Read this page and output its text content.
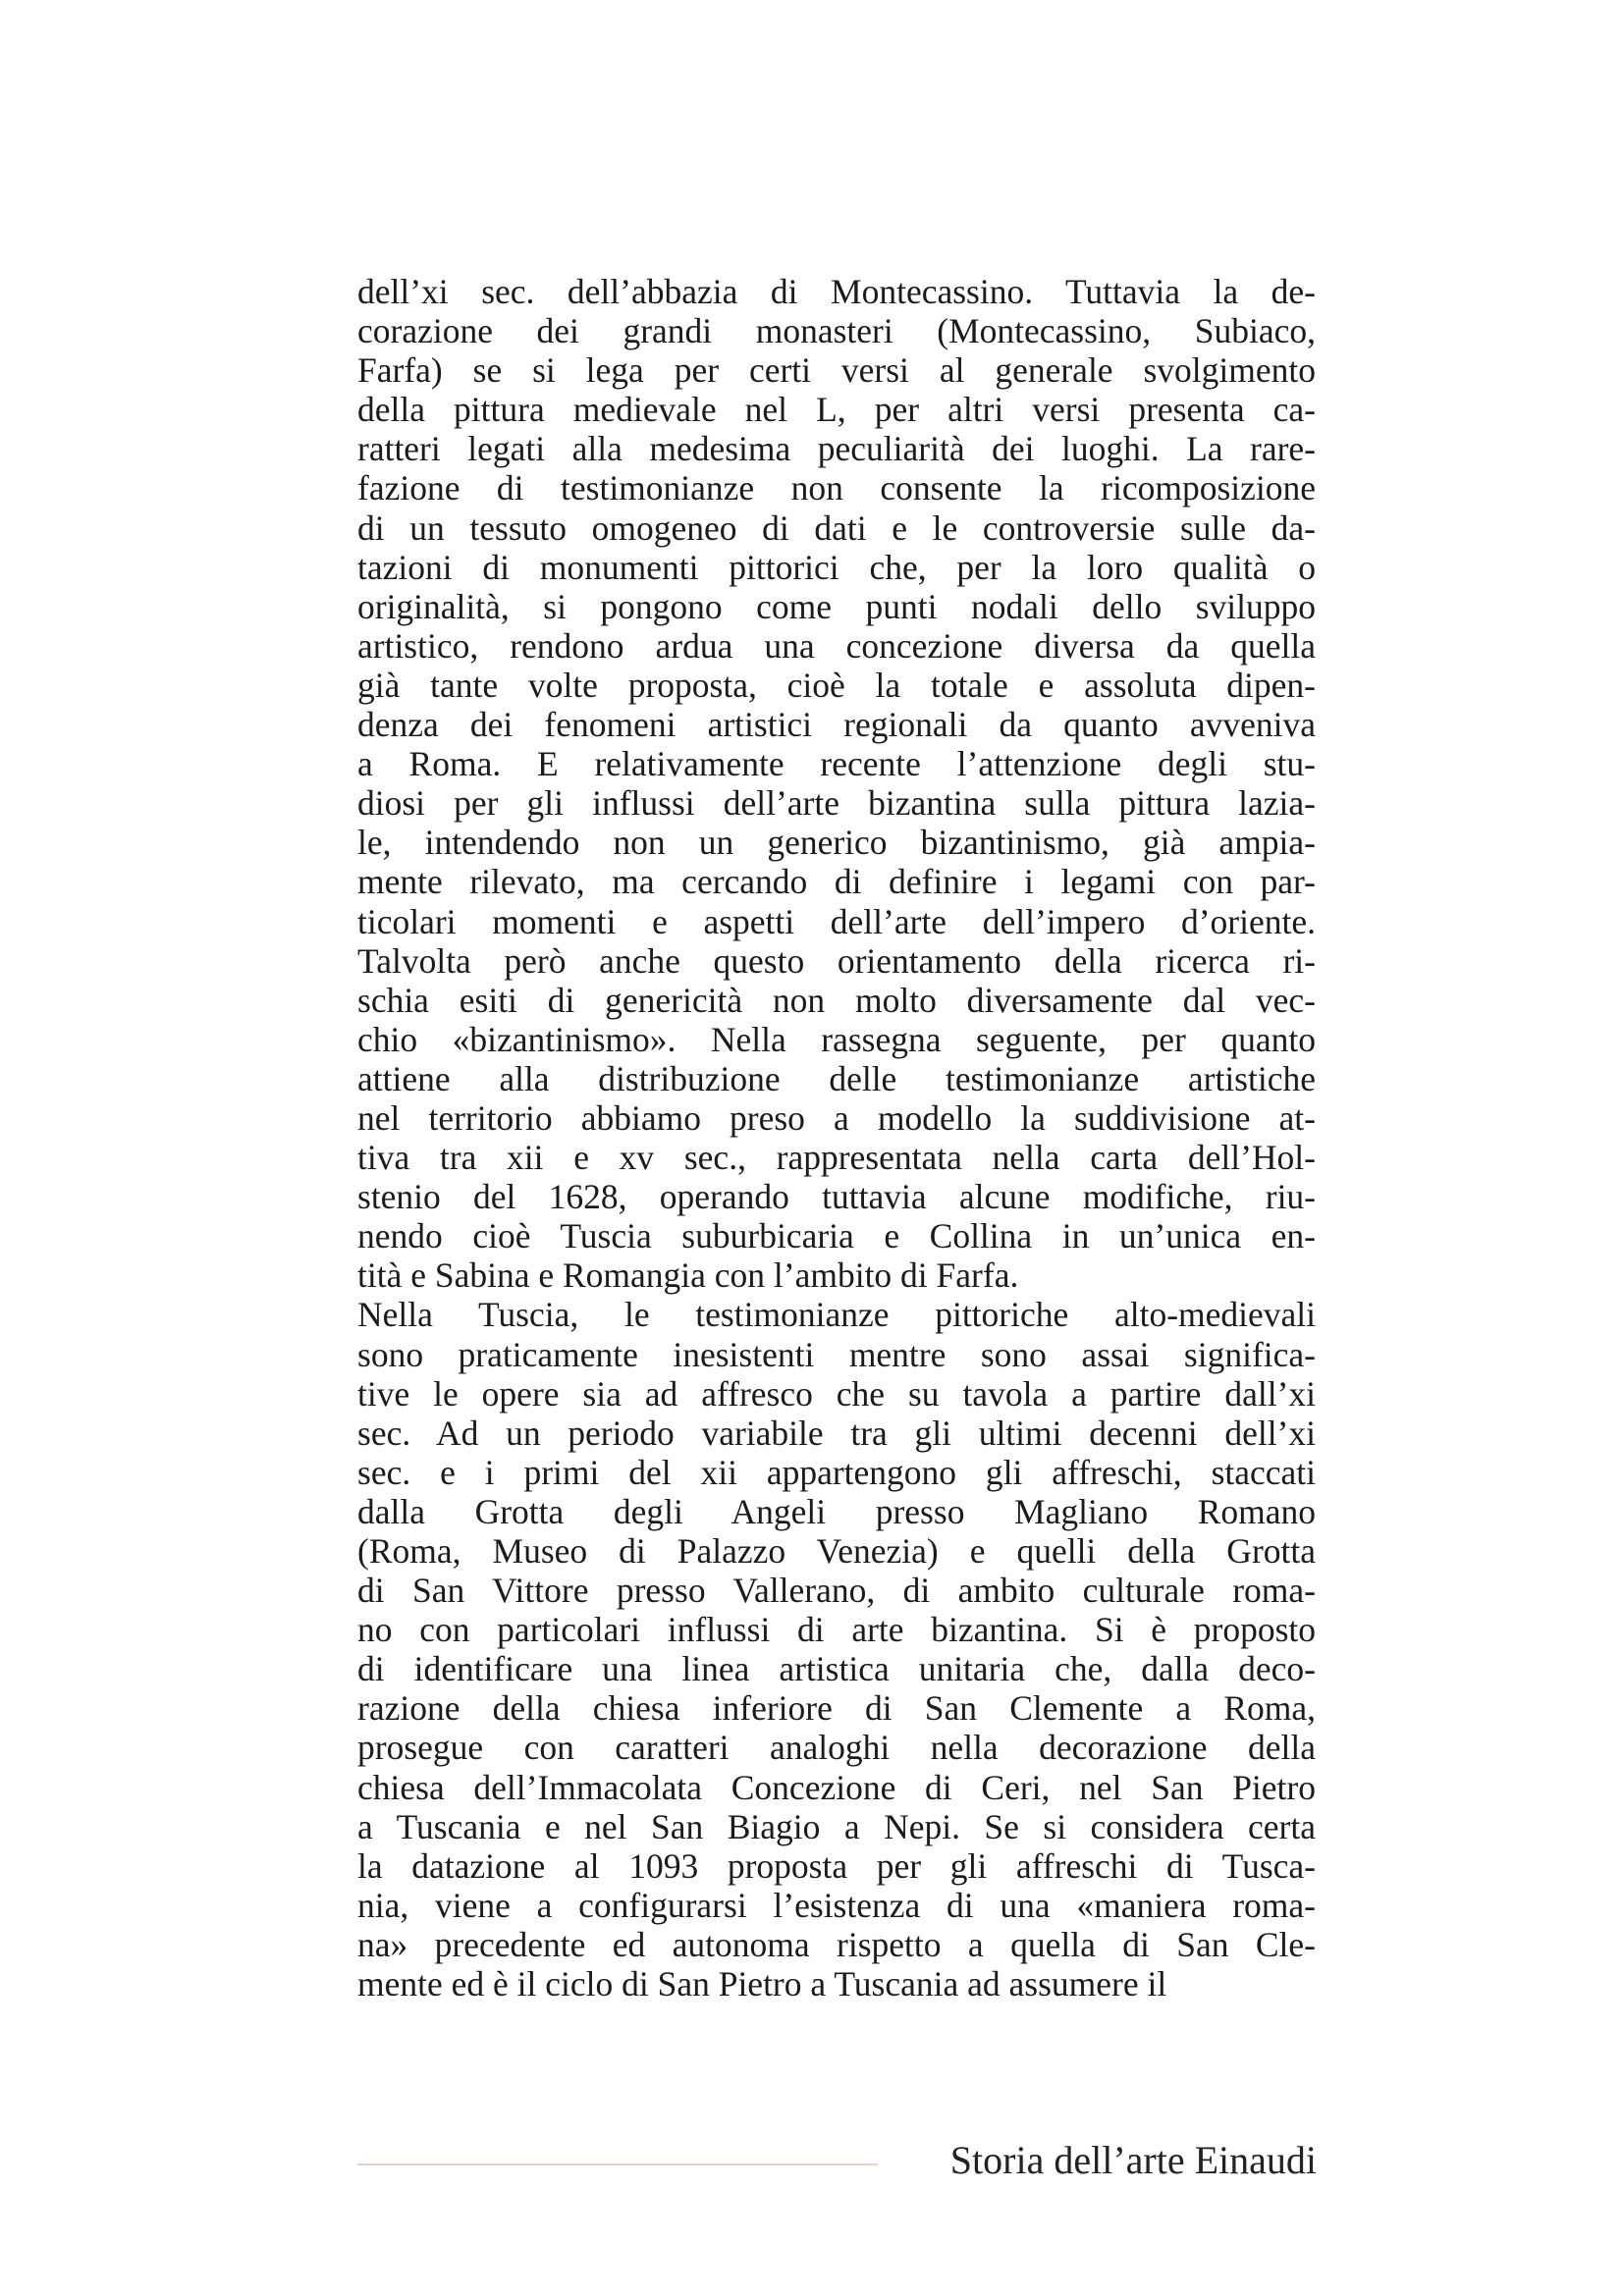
dell’xi sec. dell’abbazia di Montecassino. Tuttavia la de-
corazione dei grandi monasteri (Montecassino, Subiaco,
Farfa) se si lega per certi versi al generale svolgimento
della pittura medievale nel L, per altri versi presenta ca-
ratteri legati alla medesima peculiarità dei luoghi. La rare-
fazione di testimonianze non consente la ricomposizione
di un tessuto omogeneo di dati e le controversie sulle da-
tazioni di monumenti pittorici che, per la loro qualità o
originalità, si pongono come punti nodali dello sviluppo
artistico, rendono ardua una concezione diversa da quella
già tante volte proposta, cioè la totale e assoluta dipen-
denza dei fenomeni artistici regionali da quanto avveniva
a Roma. E relativamente recente l’attenzione degli stu-
diosi per gli influssi dell’arte bizantina sulla pittura lazia-
le, intendendo non un generico bizantinismo, già ampia-
mente rilevato, ma cercando di definire i legami con par-
ticolari momenti e aspetti dell’arte dell’impero d’oriente.
Talvolta però anche questo orientamento della ricerca ri-
schia esiti di genericità non molto diversamente dal vec-
chio «bizantinismo». Nella rassegna seguente, per quanto
attiene alla distribuzione delle testimonianze artistiche
nel territorio abbiamo preso a modello la suddivisione at-
tiva tra xii e xv sec., rappresentata nella carta dell’Hol-
stenio del 1628, operando tuttavia alcune modifiche, riu-
nendo cioè Tuscia suburbicaria e Collina in un’unica en-
tità e Sabina e Romangia con l’ambito di Farfa.
Nella Tuscia, le testimonianze pittoriche alto-medievali
sono praticamente inesistenti mentre sono assai significa-
tive le opere sia ad affresco che su tavola a partire dall’xi
sec. Ad un periodo variabile tra gli ultimi decenni dell’xi
sec. e i primi del xii appartengono gli affreschi, staccati
dalla Grotta degli Angeli presso Magliano Romano
(Roma, Museo di Palazzo Venezia) e quelli della Grotta
di San Vittore presso Vallerano, di ambito culturale roma-
no con particolari influssi di arte bizantina. Si è proposto
di identificare una linea artistica unitaria che, dalla deco-
razione della chiesa inferiore di San Clemente a Roma,
prosegue con caratteri analoghi nella decorazione della
chiesa dell’Immacolata Concezione di Ceri, nel San Pietro
a Tuscania e nel San Biagio a Nepi. Se si considera certa
la datazione al 1093 proposta per gli affreschi di Tusca-
nia, viene a configurarsi l’esistenza di una «maniera roma-
na» precedente ed autonoma rispetto a quella di San Cle-
mente ed è il ciclo di San Pietro a Tuscania ad assumere il
Storia dell’arte Einaudi
